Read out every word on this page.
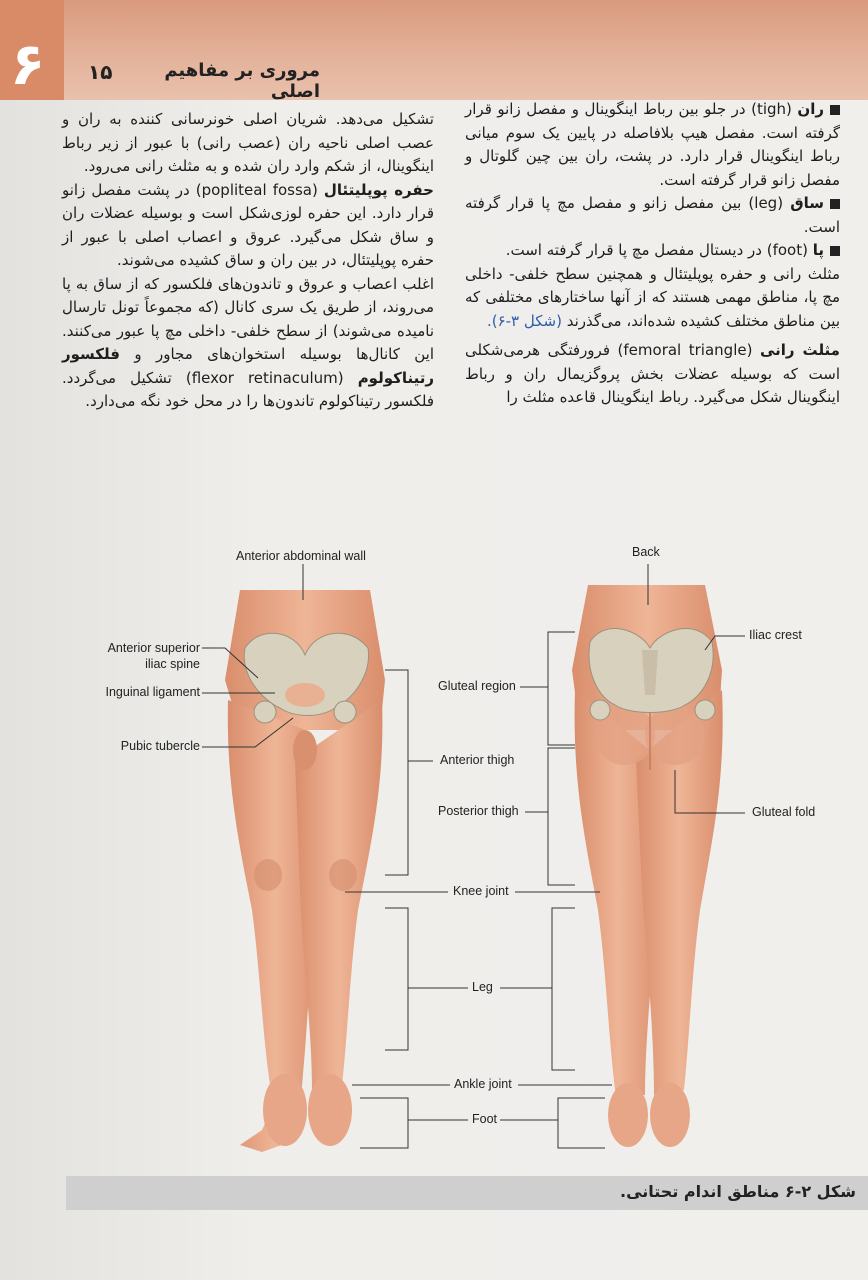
۶ ۱۵	مروری بر مفاهیم اصلی

ران (tigh) در جلو بین رباط اینگوینال و مفصل زانو قرار گرفته است. مفصل هیپ بلافاصله در پایین یک سوم میانی رباط اینگوینال قرار دارد. در پشت، ران بین چین گلوتال و مفصل زانو قرار گرفته است.

ساق (leg) بین مفصل زانو و مفصل مچ پا قرار گرفته است.

پا (foot) در دیستال مفصل مچ پا قرار گرفته است.

مثلث رانی و حفره پوپلیتئال و همچنین سطح خلفی- داخلی مچ پا، مناطق مهمی هستند که از آنها ساختارهای مختلفی که بین مناطق مختلف کشیده شده‌اند، می‌گذرند (شکل ۳-۶).

مثلث رانی (femoral triangle) فرورفتگی هرمی‌شکلی است که بوسیله عضلات بخش پروگزیمال ران و رباط اینگوینال شکل می‌گیرد. رباط اینگوینال قاعده مثلث را

تشکیل می‌دهد. شریان اصلی خونرسانی کننده به ران و عصب اصلی ناحیه ران (عصب رانی) با عبور از زیر رباط اینگوینال، از شکم وارد ران شده و به مثلث رانی می‌رود.

حفره پوپلیتئال (popliteal fossa) در پشت مفصل زانو قرار دارد. این حفره لوزی‌شکل است و بوسیله عضلات ران و ساق شکل می‌گیرد. عروق و اعصاب اصلی با عبور از حفره پوپلیتئال، در بین ران و ساق کشیده می‌شوند.

اغلب اعصاب و عروق و تاندون‌های فلکسور که از ساق به پا می‌روند، از طریق یک سری کانال (که مجموعاً تونل تارسال نامیده می‌شوند) از سطح خلفی- داخلی مچ پا عبور می‌کنند. این کانال‌ها بوسیله استخوان‌های مجاور و فلکسور رتیناکولوم (flexor retinaculum) تشکیل می‌گردد. فلکسور رتیناکولوم تاندون‌ها را در محل خود نگه می‌دارد.

Anterior abdominal wall
Anterior superior
iliac spine
Inguinal ligament
Pubic tubercle
Back
Iliac crest
Gluteal region
Anterior thigh
Posterior thigh
Knee joint
Leg
Ankle joint
Foot
Gluteal fold
شکل ۲-۶ مناطق اندام تحتانی.
